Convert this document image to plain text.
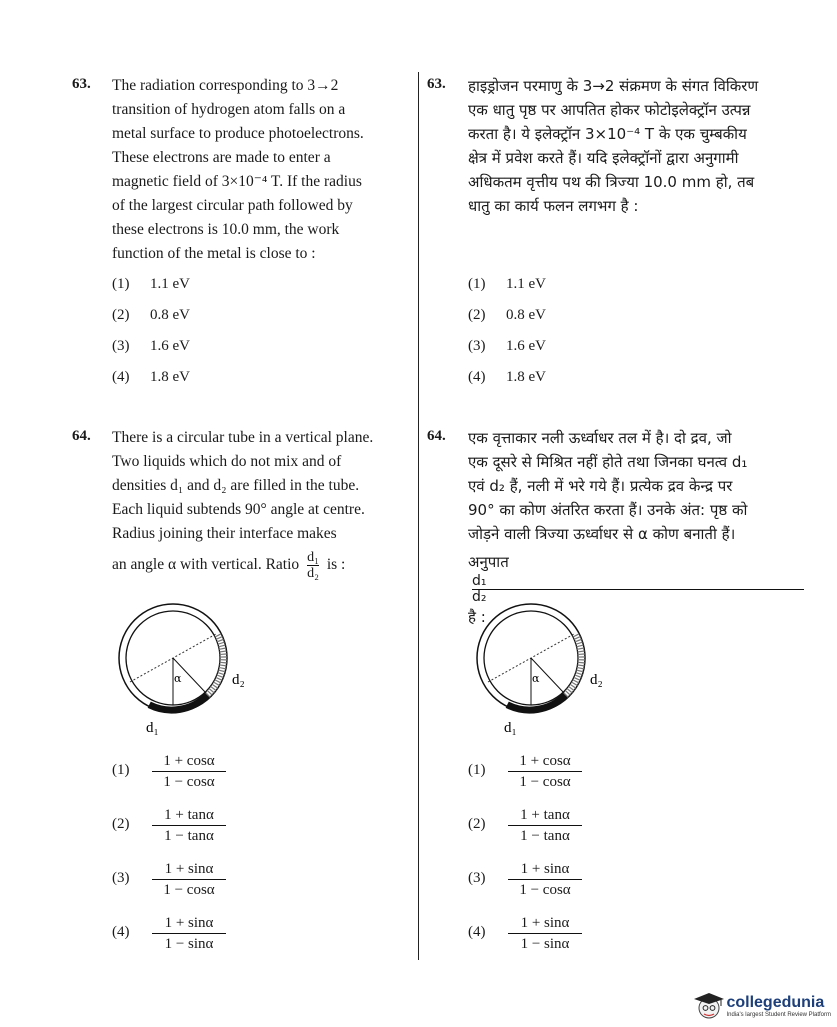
63. The radiation corresponding to 3→2
transition of hydrogen atom falls on a
metal surface to produce photoelectrons.
These electrons are made to enter a
magnetic field of 3×10⁻⁴ T. If the radius
of the largest circular path followed by
these electrons is 10.0 mm, the work
function of the metal is close to :
(1) 1.1 eV
(2) 0.8 eV
(3) 1.6 eV
(4) 1.8 eV
63. हाइड्रोजन परमाणु के 3→2 संक्रमण के संगत विकिरण
एक धातु पृष्ठ पर आपतित होकर फोटोइलेक्ट्रॉन उत्पन्न
करता है। ये इलेक्ट्रॉन 3×10⁻⁴ T के एक चुम्बकीय
क्षेत्र में प्रवेश करते हैं। यदि इलेक्ट्रॉनों द्वारा अनुगामी
अधिकतम वृत्तीय पथ की त्रिज्या 10.0 mm हो, तब
धातु का कार्य फलन लगभग है :
(1) 1.1 eV
(2) 0.8 eV
(3) 1.6 eV
(4) 1.8 eV
64. There is a circular tube in a vertical plane.
Two liquids which do not mix and of
densities d₁ and d₂ are filled in the tube.
Each liquid subtends 90° angle at centre.
Radius joining their interface makes
an angle α with vertical. Ratio $\frac{\text{d₁}}{\text{d₂}}$ is :
α	d₂
d₁
$(1) \frac{1 + \cos\alpha}{1 - \cos\alpha}$
$(2) \frac{1 + \tan\alpha}{1 - \tan\alpha}$
$(3) \frac{1 + \sin\alpha}{1 - \cos\alpha}$
$(4) \frac{1 + \sin\alpha}{1 - \sin\alpha}$
64. एक वृत्ताकार नली ऊर्ध्वाधर तल में है। दो द्रव, जो
एक दूसरे से मिश्रित नहीं होते तथा जिनका घनत्व d₁
एवं d₂ हैं, नली में भरे गये हैं। प्रत्येक द्रव केन्द्र पर
90° का कोण अंतरित करता हैं। उनके अंत: पृष्ठ को
जोड़ने वाली त्रिज्या ऊर्ध्वाधर से α कोण बनाती हैं।
अनुपात
d₁
d₂
है :
α	d₂
d₁
$(1) \frac{1 + \cos\alpha}{1 - \cos\alpha}$
$(2) \frac{1 + \tan\alpha}{1 - \tan\alpha}$
$(3) \frac{1 + \sin\alpha}{1 - \cos\alpha}$
$(4) \frac{1 + \sin\alpha}{1 - \sin\alpha}$
collegedunia
India's largest Student Review Platform
